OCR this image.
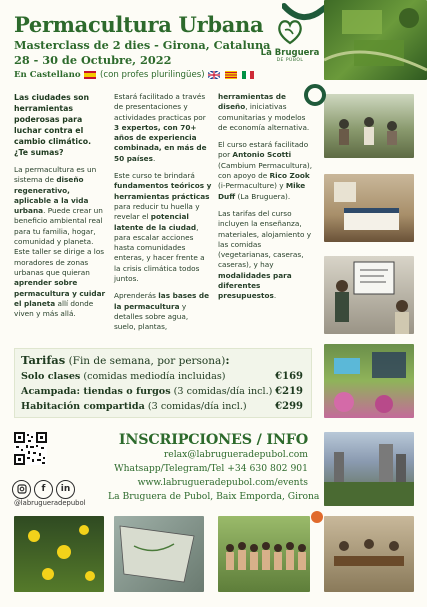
Permacultura Urbana
Masterclass de 2 dies - Girona, Cataluna
28 - 30 de Octubre, 2022
En Castellano (con profes plurilingües)
La Bruguera
DE PÚBOL

Las ciudades son herramientas poderosas para luchar contra el cambio climático. ¿Te sumas?

La permacultura es un sistema de diseño regenerativo, aplicable a la vida urbana. Puede crear un beneficio ambiental real para tu familia, hogar, comunidad y planeta. Este taller se dirige a los moradores de zonas urbanas que quieran aprender sobre permacultura y cuidar el planeta allí donde viven y más allá.

Estará facilitado a través de presentaciones y actividades practicas por 3 expertos, con 70+ años de experiencia combinada, en más de 50 países.

Este curso te brindará fundamentos teóricos y herramientas prácticas para reducir tu huella y revelar el potencial latente de la ciudad, para escalar acciones hasta comunidades enteras, y hacer frente a la crisis climática todos juntos.

Aprenderás las bases de la permacultura y detalles sobre agua, suelo, plantas,

herramientas de diseño, iniciativas comunitarias y modelos de economía alternativa.

El curso estará facilitado por Antonio Scotti (Cambium Permacultura), con apoyo de Rico Zook (i-Permaculture) y Mike Duff (La Bruguera).

Las tarifas del curso incluyen la enseñanza, materiales, alojamiento y las comidas (vegetarianas, caseras, caseras), y hay modalidades para diferentes presupuestos.

Tarifas (Fin de semana, por persona):
Solo clases (comidas mediodía incluidas)	€169
Acampada: tiendas o furgos (3 comidas/día incl.) €219
Habitación compartida (3 comidas/día incl.)	€299
f in
@labrugueradepubol
INSCRIPCIONES / INFO
relax@labrugueradepubol.com
Whatsapp/Telegram/Tel +34 630 802 901
www.labrugueradepubol.com/events
La Bruguera de Pubol, Baix Emporda, Girona
